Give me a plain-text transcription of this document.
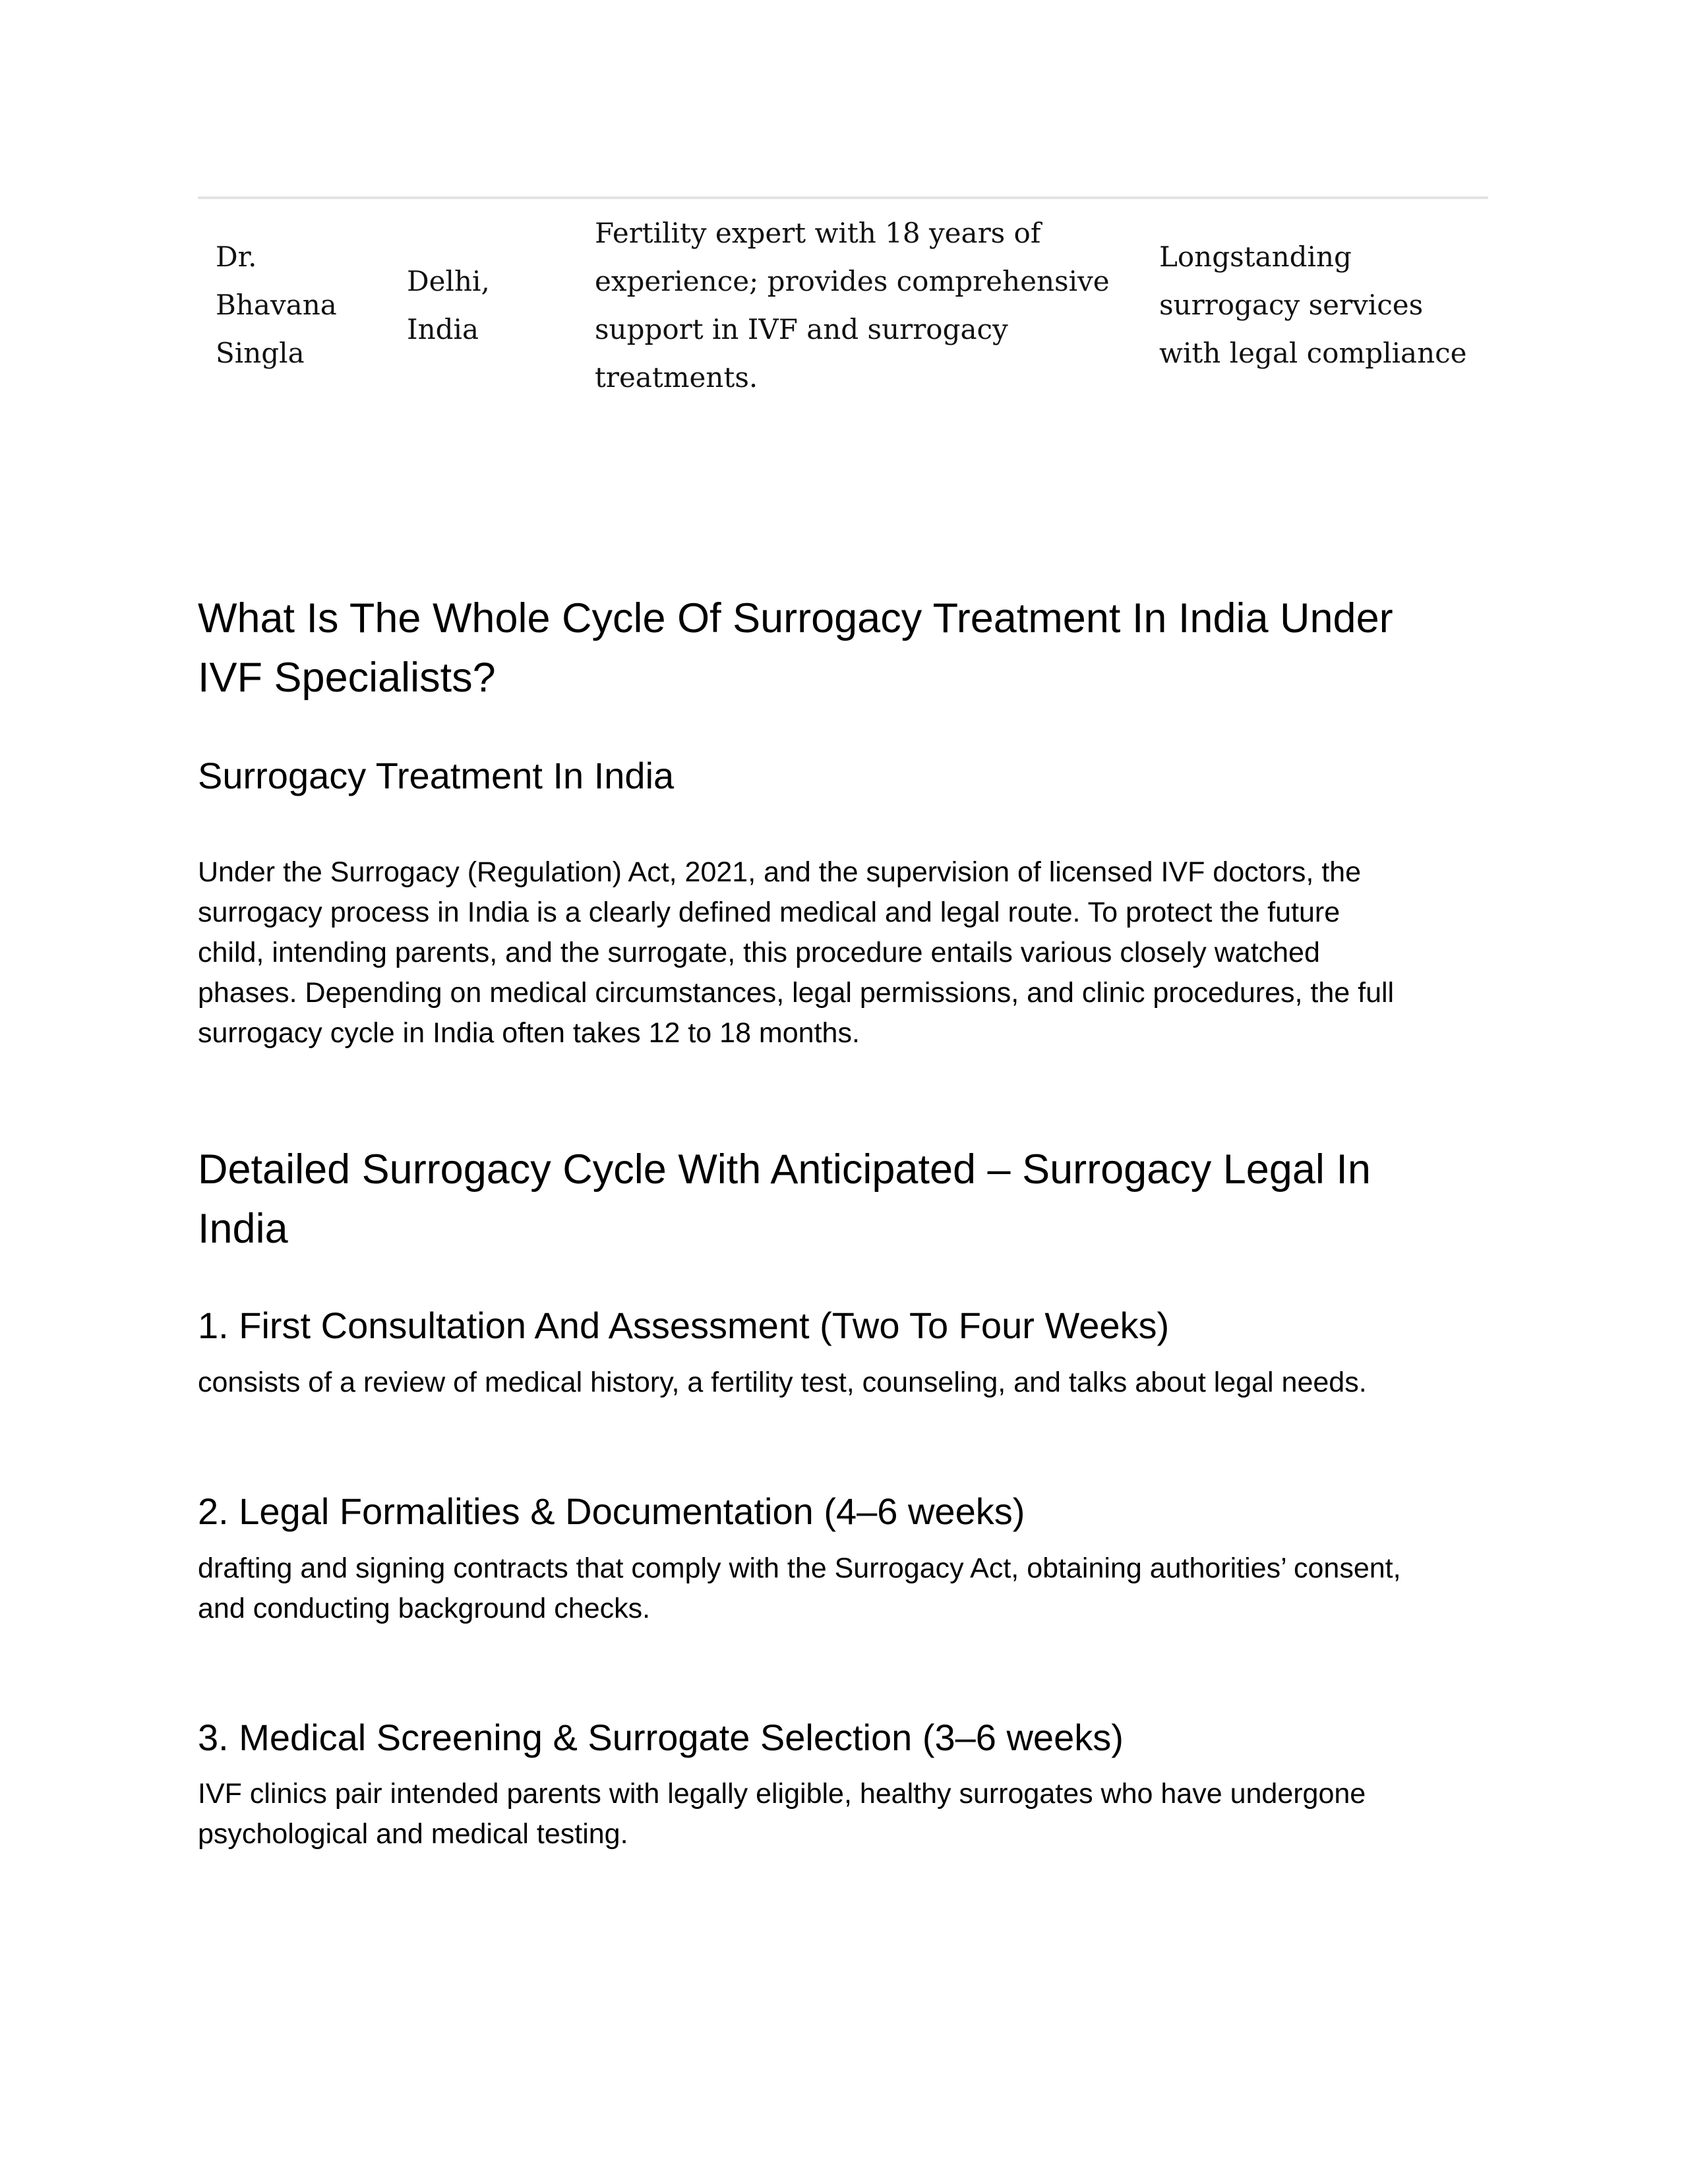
Dr.
Bhavana
Singla
Delhi,
India
Fertility expert with 18 years of
experience; provides comprehensive
support in IVF and surrogacy
treatments.
Longstanding
surrogacy services
with legal compliance
What Is The Whole Cycle Of Surrogacy Treatment In India Under
IVF Specialists?
Surrogacy Treatment In India

Under the Surrogacy (Regulation) Act, 2021, and the supervision of licensed IVF doctors, the
surrogacy process in India is a clearly defined medical and legal route. To protect the future
child, intending parents, and the surrogate, this procedure entails various closely watched
phases. Depending on medical circumstances, legal permissions, and clinic procedures, the full
surrogacy cycle in India often takes 12 to 18 months.

Detailed Surrogacy Cycle With Anticipated – Surrogacy Legal In
India
1. First Consultation And Assessment (Two To Four Weeks)

consists of a review of medical history, a fertility test, counseling, and talks about legal needs.

2. Legal Formalities & Documentation (4–6 weeks)

drafting and signing contracts that comply with the Surrogacy Act, obtaining authorities’ consent,
and conducting background checks.

3. Medical Screening & Surrogate Selection (3–6 weeks)

IVF clinics pair intended parents with legally eligible, healthy surrogates who have undergone
psychological and medical testing.
